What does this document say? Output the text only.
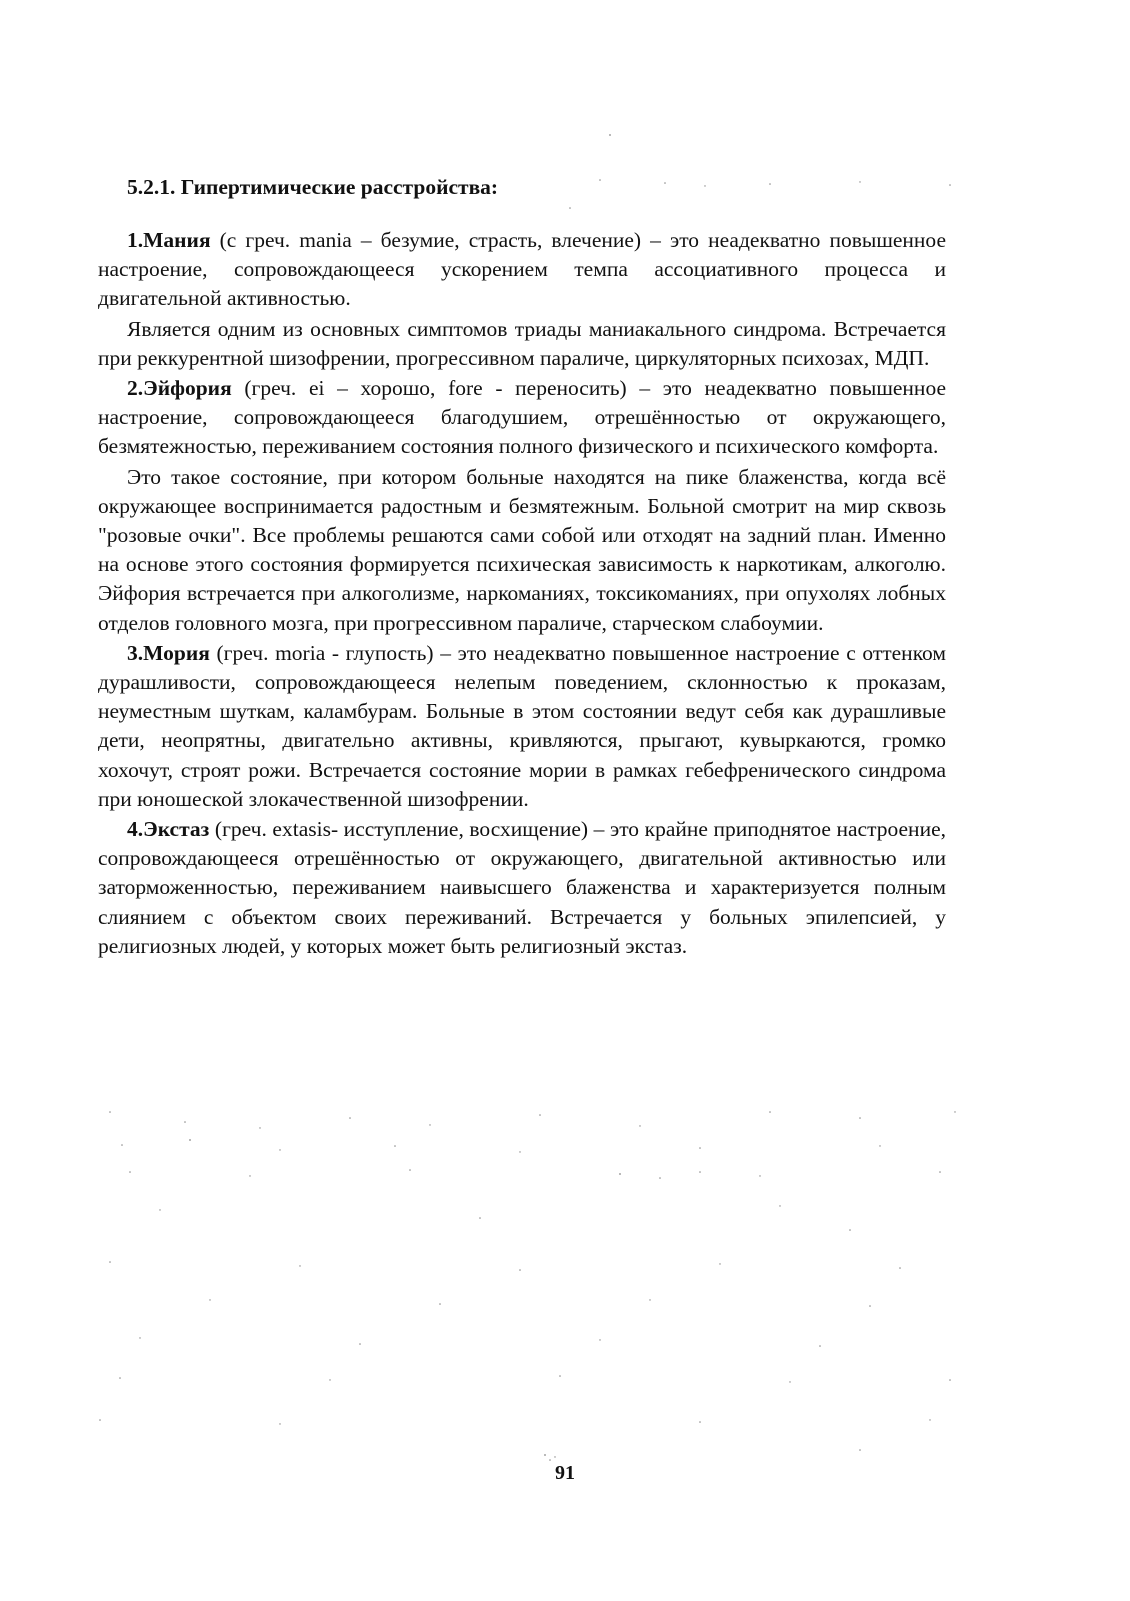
5.2.1. Гипертимические расстройства:

1.Мания (с греч. mania – безумие, страсть, влечение) – это неадекватно повышенное настроение, сопровождающееся ускорением темпа ассоциативного процесса и двигательной активностью.

Является одним из основных симптомов триады маниакального синдрома. Встречается при реккурентной шизофрении, прогрессивном параличе, циркуляторных психозах, МДП.

2.Эйфория (греч. ei – хорошо, fore - переносить) – это неадекватно повышенное настроение, сопровождающееся благодушием, отрешённостью от окружающего, безмятежностью, переживанием состояния полного физического и психического комфорта.

Это такое состояние, при котором больные находятся на пике блаженства, когда всё окружающее воспринимается радостным и безмятежным. Больной смотрит на мир сквозь "розовые очки". Все проблемы решаются сами собой или отходят на задний план. Именно на основе этого состояния формируется психическая зависимость к наркотикам, алкоголю. Эйфория встречается при алкоголизме, наркоманиях, токсикоманиях, при опухолях лобных отделов головного мозга, при прогрессивном параличе, старческом слабоумии.

3.Мория (греч. moria - глупость) – это неадекватно повышенное настроение с оттенком дурашливости, сопровождающееся нелепым поведением, склонностью к проказам, неуместным шуткам, каламбурам. Больные в этом состоянии ведут себя как дурашливые дети, неопрятны, двигательно активны, кривляются, прыгают, кувыркаются, громко хохочут, строят рожи. Встречается состояние мории в рамках гебефренического синдрома при юношеской злокачественной шизофрении.

4.Экстаз (греч. extasis- исступление, восхищение) – это крайне приподнятое настроение, сопровождающееся отрешённостью от окружающего, двигательной активностью или заторможенностью, переживанием наивысшего блаженства и характеризуется полным слиянием с объектом своих переживаний. Встречается у больных эпилепсией, у религиозных людей, у которых может быть религиозный экстаз.

91
